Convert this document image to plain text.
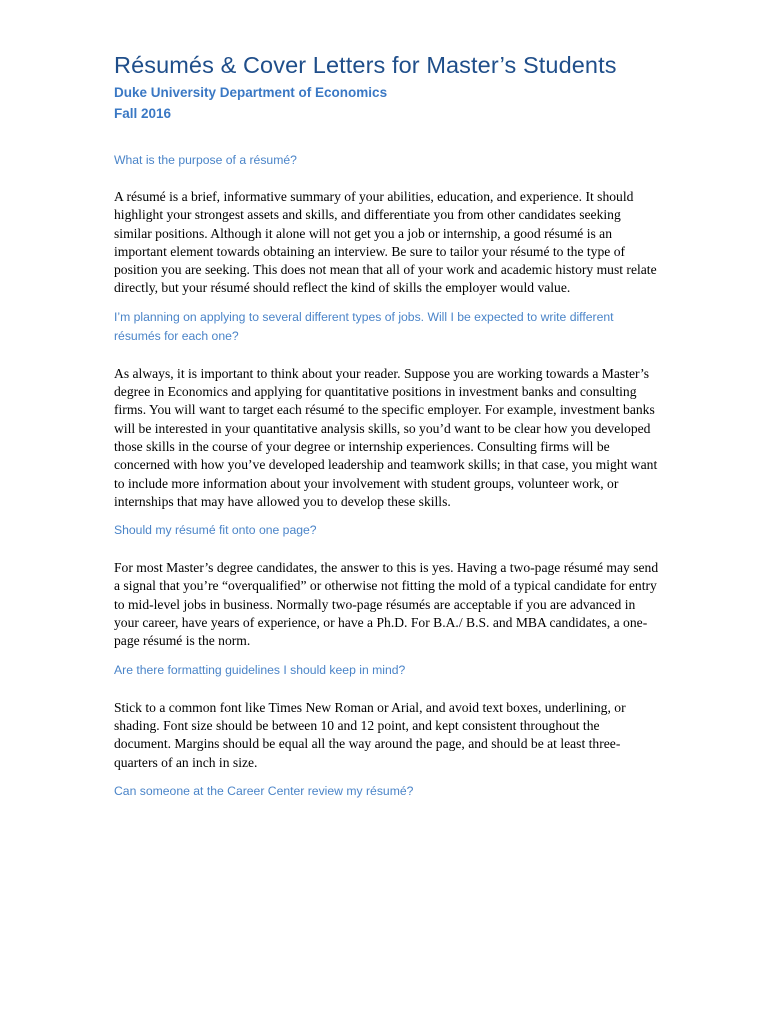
Résumés & Cover Letters for Master’s Students
Duke University Department of Economics
Fall 2016
What is the purpose of a résumé?

A résumé is a brief, informative summary of your abilities, education, and experience. It should highlight your strongest assets and skills, and differentiate you from other candidates seeking similar positions. Although it alone will not get you a job or internship, a good résumé is an important element towards obtaining an interview. Be sure to tailor your résumé to the type of position you are seeking. This does not mean that all of your work and academic history must relate directly, but your résumé should reflect the kind of skills the employer would value.

I’m planning on applying to several different types of jobs. Will I be expected to write different résumés for each one?

As always, it is important to think about your reader. Suppose you are working towards a Master’s degree in Economics and applying for quantitative positions in investment banks and consulting firms. You will want to target each résumé to the specific employer. For example, investment banks will be interested in your quantitative analysis skills, so you’d want to be clear how you developed those skills in the course of your degree or internship experiences. Consulting firms will be concerned with how you’ve developed leadership and teamwork skills; in that case, you might want to include more information about your involvement with student groups, volunteer work, or internships that may have allowed you to develop these skills.

Should my résumé fit onto one page?

For most Master’s degree candidates, the answer to this is yes. Having a two-page résumé may send a signal that you’re “overqualified” or otherwise not fitting the mold of a typical candidate for entry to mid-level jobs in business. Normally two-page résumés are acceptable if you are advanced in your career, have years of experience, or have a Ph.D. For B.A./ B.S. and MBA candidates, a one-page résumé is the norm.

Are there formatting guidelines I should keep in mind?

Stick to a common font like Times New Roman or Arial, and avoid text boxes, underlining, or shading. Font size should be between 10 and 12 point, and kept consistent throughout the document. Margins should be equal all the way around the page, and should be at least three-quarters of an inch in size.

Can someone at the Career Center review my résumé?
